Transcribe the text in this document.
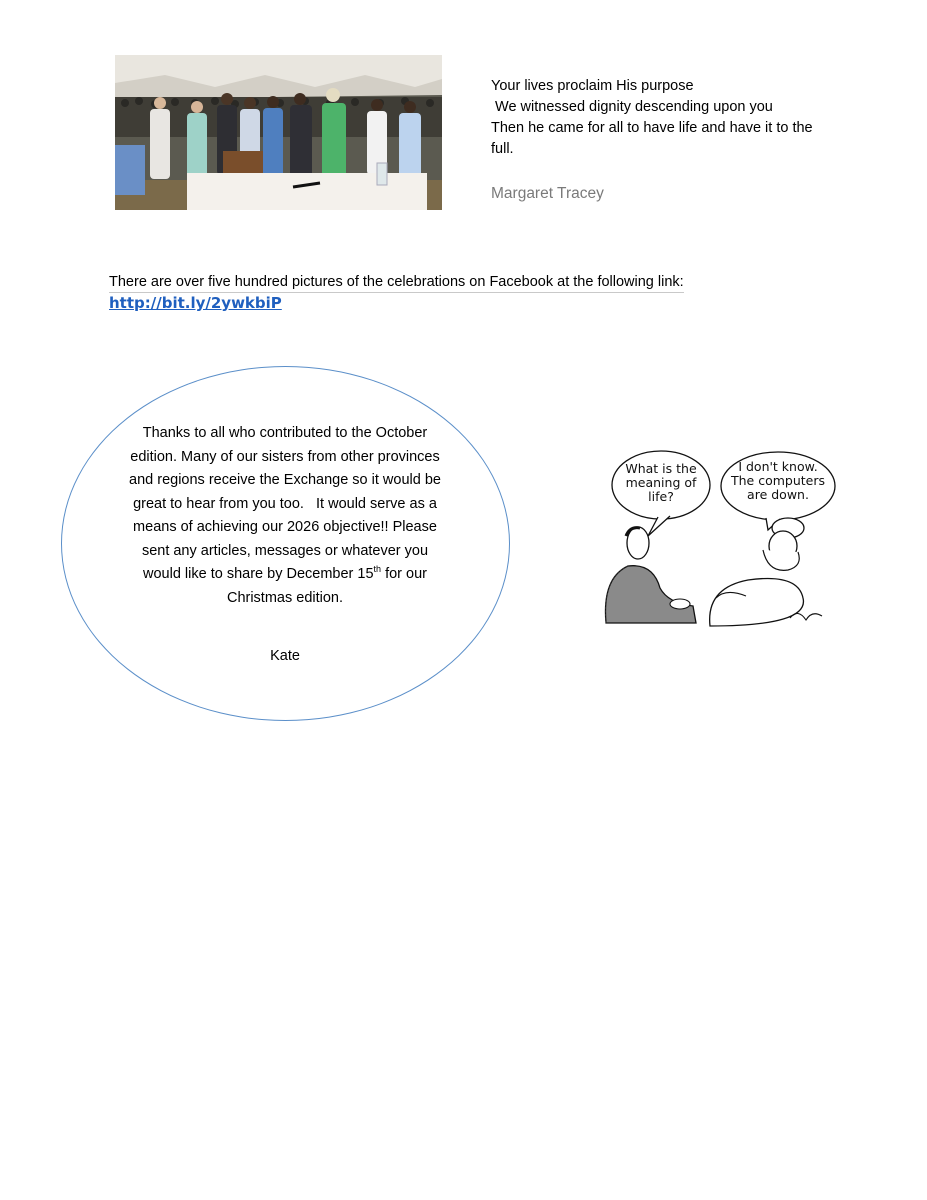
Your lives proclaim His purpose

We witnessed dignity descending upon you

Then he came for all to have life and have it to the full.

Margaret Tracey
There are over five hundred pictures of the celebrations on Facebook at the following link:
http://bit.ly/2ywkbiP

Thanks to all who contributed to the October edition. Many of our sisters from other provinces and regions receive the Exchange so it would be great to hear from you too.   It would serve as a means of achieving our 2026 objective!! Please sent any articles, messages or whatever you would like to share by December 15th for our Christmas edition.

Kate
What is the meaning of life?
I don't know. The computers are down.
